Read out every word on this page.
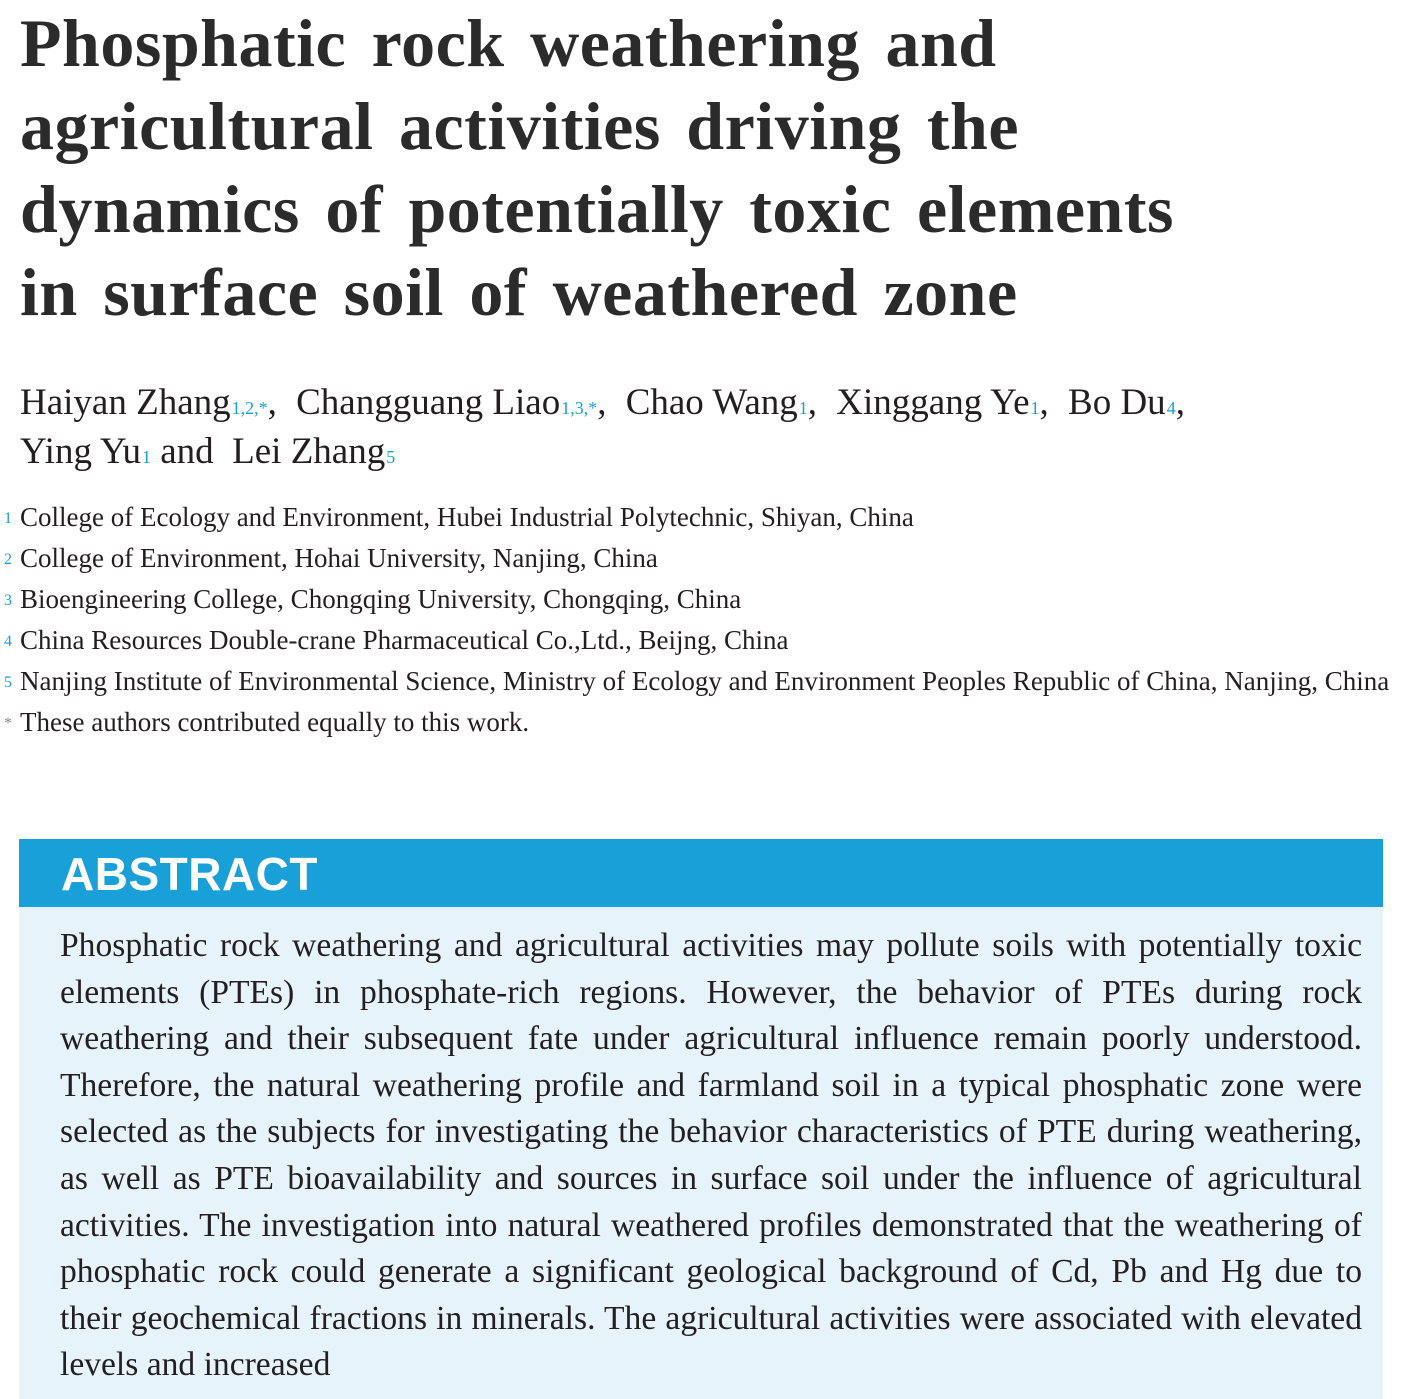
Phosphatic rock weathering and
agricultural activities driving the
dynamics of potentially toxic elements
in surface soil of weathered zone
Haiyan Zhang$^{1,2,*}$, Changguang Liao$^{1,3,*}$, Chao Wang$^1$, Xinggang Ye$^1$, Bo Du$^4$,
Ying Yu$^1$ and Lei Zhang$^5$
1 College of Ecology and Environment, Hubei Industrial Polytechnic, Shiyan, China
2 College of Environment, Hohai University, Nanjing, China
3 Bioengineering College, Chongqing University, Chongqing, China
4 China Resources Double-crane Pharmaceutical Co.,Ltd., Beijng, China
5 Nanjing Institute of Environmental Science, Ministry of Ecology and Environment Peoples Republic of China, Nanjing, China
* These authors contributed equally to this work.
ABSTRACT

Phosphatic rock weathering and agricultural activities may pollute soils with potentially toxic elements (PTEs) in phosphate-rich regions. However, the behavior of PTEs during rock weathering and their subsequent fate under agricultural influence remain poorly understood. Therefore, the natural weathering profile and farmland soil in a typical phosphatic zone were selected as the subjects for investigating the behavior characteristics of PTE during weathering, as well as PTE bioavailability and sources in surface soil under the influence of agricultural activities. The investigation into natural weathered profiles demonstrated that the weathering of phosphatic rock could generate a significant geological background of Cd, Pb and Hg due to their geochemical fractions in minerals. The agricultural activities were associated with elevated levels and increased
